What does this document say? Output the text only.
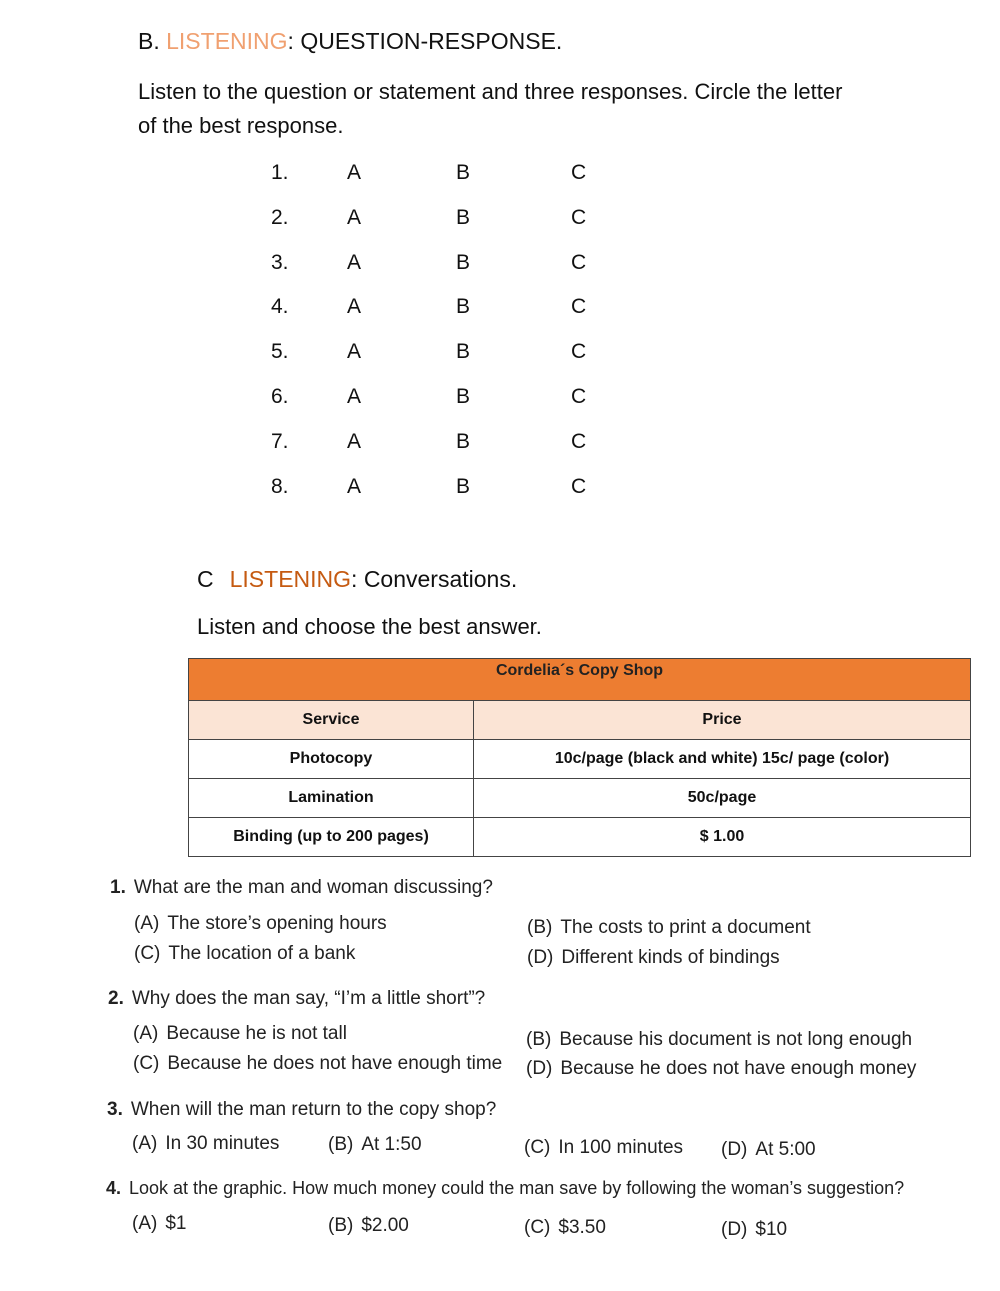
B. LISTENING: QUESTION-RESPONSE.
Listen to the question or statement and three responses. Circle the letter
of the best response.
1.	A	B	C
2.	A	B	C
3.	A	B	C
4.	A	B	C
5.	A	B	C
6.	A	B	C
7.	A	B	C
8.	A	B	C
C LISTENING: Conversations.
Listen and choose the best answer.
Cordelia´s Copy Shop	
Service	Price
Photocopy	10c/page (black and white) 15c/ page (color)
Lamination	50c/page
Binding (up to 200 pages)	$ 1.00
1. What are the man and woman discussing?
(A) The store’s opening hours	(B) The costs to print a document
(C) The location of a bank	(D) Different kinds of bindings
2. Why does the man say, “I’m a little short”?
(A) Because he is not tall	(B) Because his document is not long enough
(C) Because he does not have enough time (D) Because he does not have enough money
3. When will the man return to the copy shop?
(A) In 30 minutes	(B) At 1:50	(C) In 100 minutes (D) At 5:00
4. Look at the graphic. How much money could the man save by following the woman’s suggestion?
(A) $1	(B) $2.00	(C) $3.50	(D) $10
